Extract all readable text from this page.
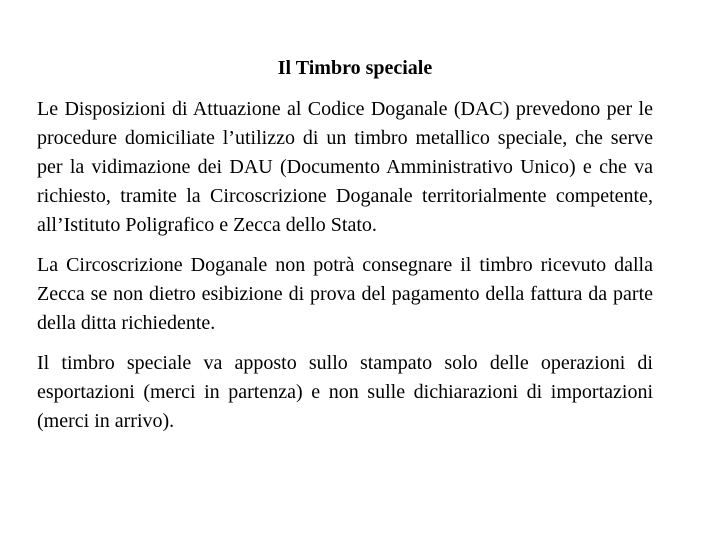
Il Timbro speciale

Le Disposizioni di Attuazione al Codice Doganale (DAC) prevedono per le procedure domiciliate l’utilizzo di un timbro metallico speciale, che serve per la vidimazione dei DAU (Documento Amministrativo Unico) e che va richiesto, tramite la Circoscrizione Doganale territorialmente competente, all’Istituto Poligrafico e Zecca dello Stato.

La Circoscrizione Doganale non potrà consegnare il timbro ricevuto dalla Zecca se non dietro esibizione di prova del pagamento della fattura da parte della ditta richiedente.

Il timbro speciale va apposto sullo stampato solo delle operazioni di esportazioni (merci in partenza) e non sulle dichiarazioni di importazioni (merci in arrivo).
